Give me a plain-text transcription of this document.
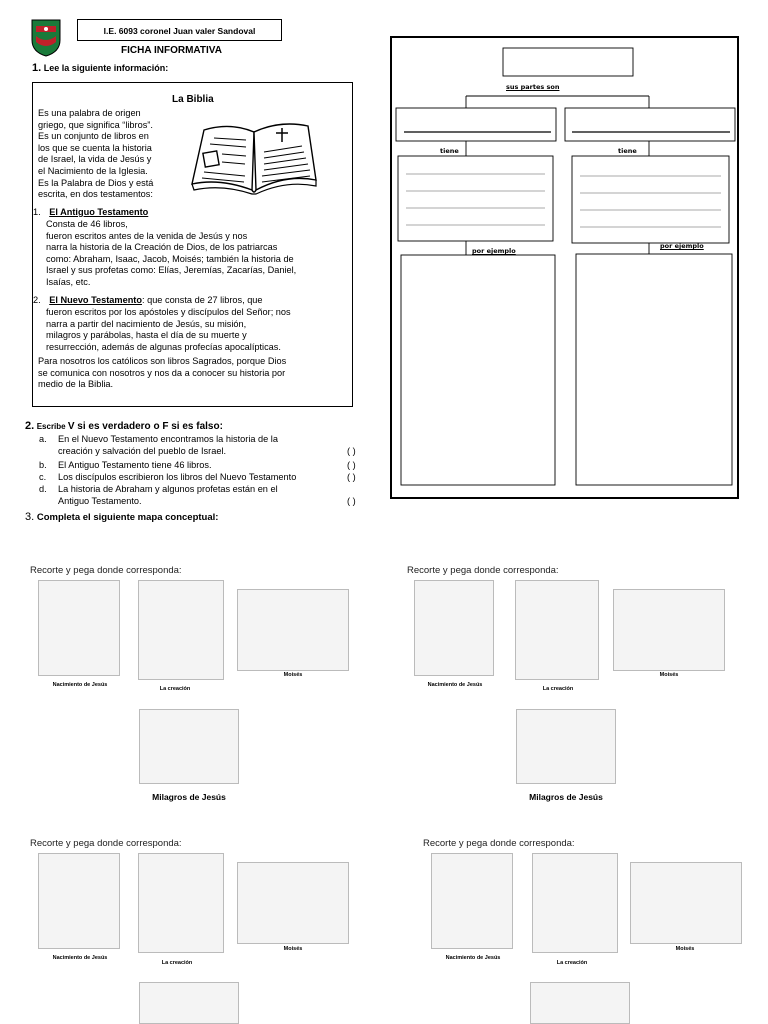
I.E. 6093 coronel Juan valer Sandoval
FICHA INFORMATIVA
1. Lee la siguiente información:
La Biblia
Es una palabra de origen
griego, que significa “libros”.
Es un conjunto de libros en
los que se cuenta la historia
de Israel, la vida de Jesús y
el Nacimiento de la Iglesia.
Es la Palabra de Dios y está
escrita, en dos testamentos:
1. El Antiguo Testamento
Consta de 46 libros,
fueron escritos antes de la venida de Jesús y nos
narra la historia de la Creación de Dios, de los patriarcas
como: Abraham, Isaac, Jacob, Moisés; también la historia de
Israel y sus profetas como: Elías, Jeremías, Zacarías, Daniel,
Isaías, etc.
2. El Nuevo Testamento: que consta de 27 libros, que
fueron escritos por los apóstoles y discípulos del Señor; nos
narra a partir del nacimiento de Jesús, su misión,
milagros y parábolas, hasta el día de su muerte y
resurrección, además de algunas profecías apocalípticas.
Para nosotros los católicos son libros Sagrados, porque Dios
se comunica con nosotros y nos da a conocer su historia por
medio de la Biblia.
2. Escribe V si es verdadero o F si es falso:
a. En el Nuevo Testamento encontramos la historia de la
creación y salvación del pueblo de Israel.	( )
b. El Antiguo Testamento tiene 46 libros.	( )
c. Los discípulos escribieron los libros del Nuevo Testamento	( )
d. La historia de Abraham y algunos profetas están en el
Antiguo Testamento.	( )
3. Completa el siguiente mapa conceptual:
sus partes son
tiene	tiene
por ejemplo
por ejemplo
Recorte y pega donde corresponda:
Nacimiento de Jesús
La creación
Moisés
Milagros de Jesús
Recorte y pega donde corresponda:
Nacimiento de Jesús
La creación
Moisés
Milagros de Jesús
Recorte y pega donde corresponda:
Nacimiento de Jesús
La creación
Moisés
Recorte y pega donde corresponda:
Nacimiento de Jesús
La creación
Moisés
